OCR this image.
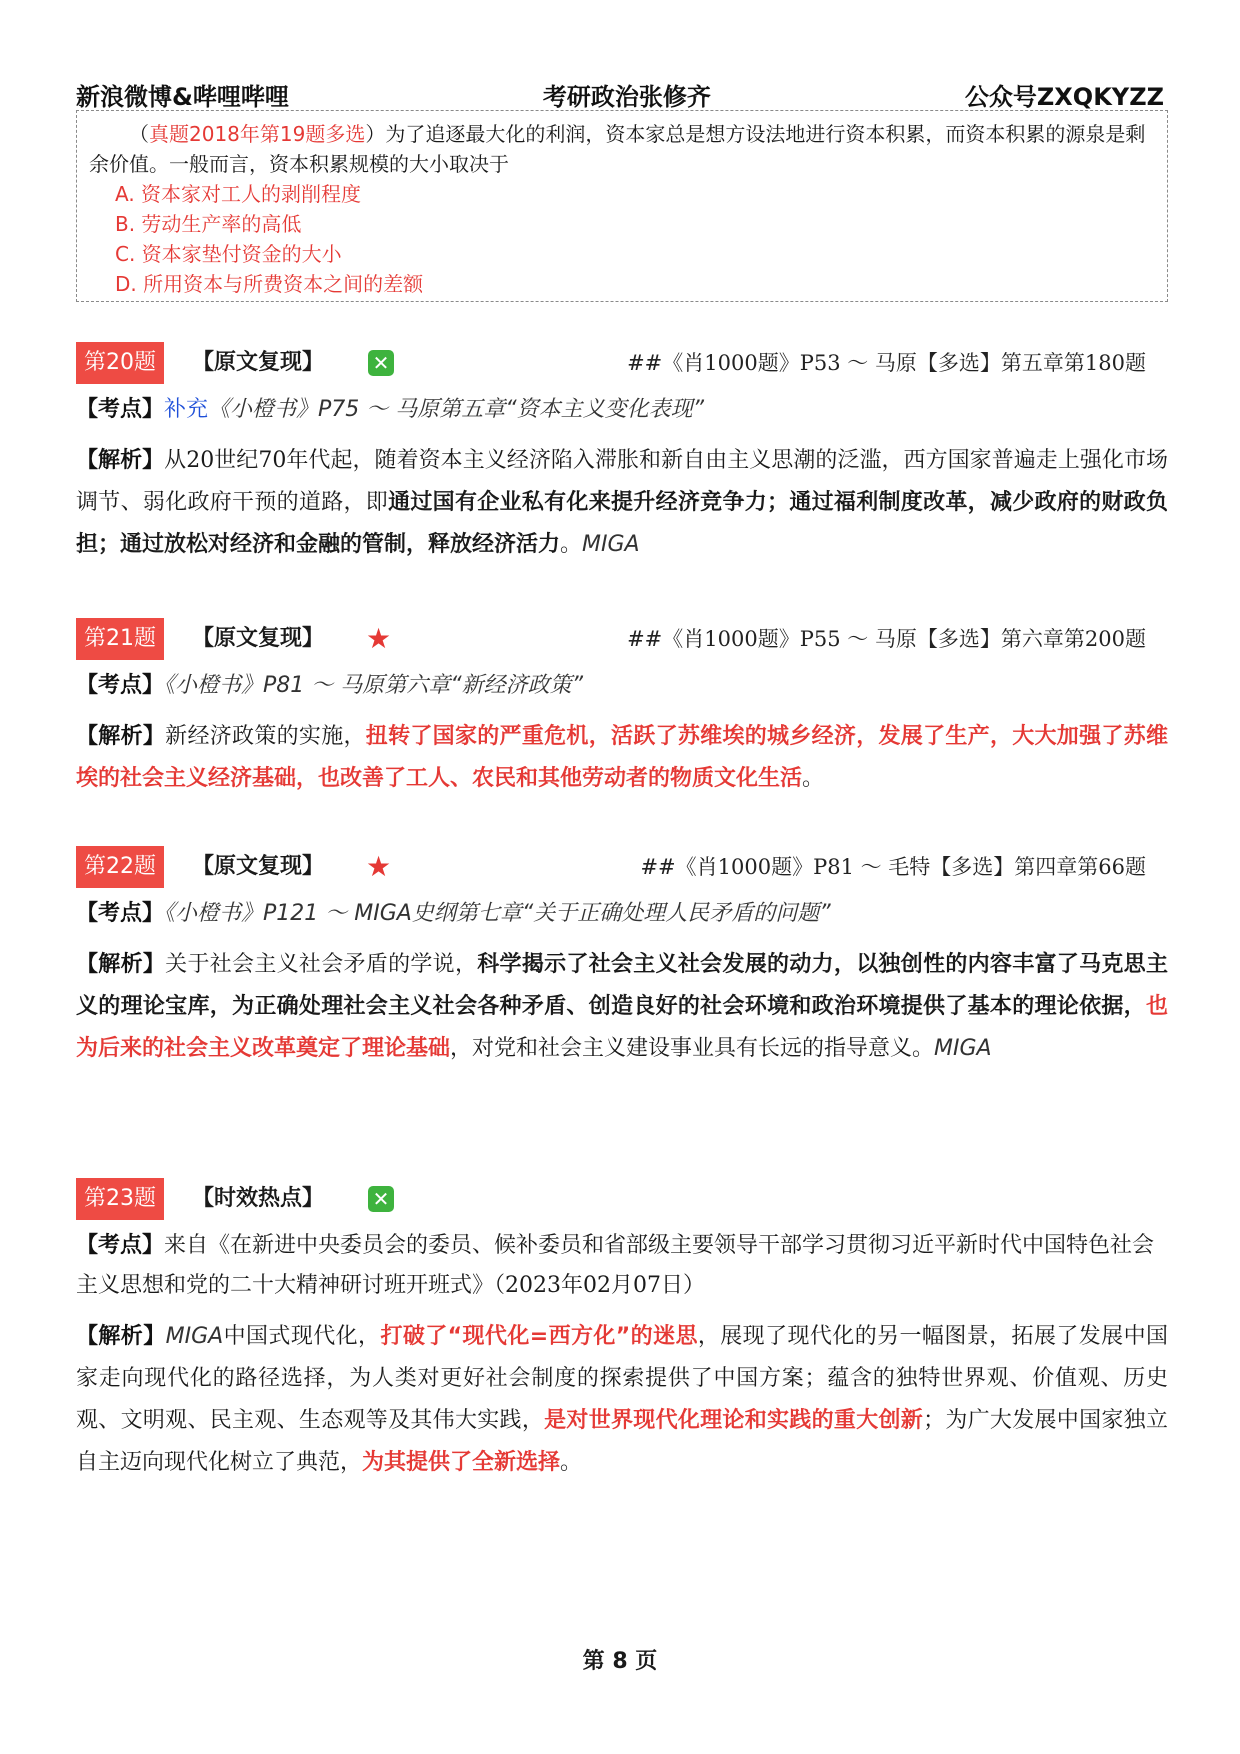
新浪微博&哔哩哔哩	考研政治张修齐	公众号ZXQKYZZ

（真题2018年第19题多选）为了追逐最大化的利润，资本家总是想方设法地进行资本积累，而资本积累的源泉是剩余价值。一般而言，资本积累规模的大小取决于

A. 资本家对工人的剥削程度
B. 劳动生产率的高低
C. 资本家垫付资金的大小
D. 所用资本与所费资本之间的差额
第20题	【原文复现】 ✕	##《肖1000题》P53 ～ 马原【多选】第五章第180题
【考点】补充《小橙书》P75 ～ 马原第五章“资本主义变化表现”
【解析】从20世纪70年代起，随着资本主义经济陷入滞胀和新自由主义思潮的泛滥，西方国家普遍走上强化市场调节、弱化政府干预的道路，即通过国有企业私有化来提升经济竞争力；通过福利制度改革，减少政府的财政负担；通过放松对经济和金融的管制，释放经济活力。MIGA
第21题	【原文复现】 ★	##《肖1000题》P55 ～ 马原【多选】第六章第200题
【考点】《小橙书》P81 ～ 马原第六章“新经济政策”
【解析】新经济政策的实施，扭转了国家的严重危机，活跃了苏维埃的城乡经济，发展了生产，大大加强了苏维埃的社会主义经济基础，也改善了工人、农民和其他劳动者的物质文化生活。
第22题	【原文复现】 ★	##《肖1000题》P81 ～ 毛特【多选】第四章第66题
【考点】《小橙书》P121 ～ MIGA史纲第七章“关于正确处理人民矛盾的问题”
【解析】关于社会主义社会矛盾的学说，科学揭示了社会主义社会发展的动力，以独创性的内容丰富了马克思主义的理论宝库，为正确处理社会主义社会各种矛盾、创造良好的社会环境和政治环境提供了基本的理论依据，也为后来的社会主义改革奠定了理论基础，对党和社会主义建设事业具有长远的指导意义。MIGA
第23题	【时效热点】 ✕
【考点】来自《在新进中央委员会的委员、候补委员和省部级主要领导干部学习贯彻习近平新时代中国特色社会主义思想和党的二十大精神研讨班开班式》（2023年02月07日）
【解析】MIGA中国式现代化，打破了“现代化=西方化”的迷思，展现了现代化的另一幅图景，拓展了发展中国家走向现代化的路径选择，为人类对更好社会制度的探索提供了中国方案；蕴含的独特世界观、价值观、历史观、文明观、民主观、生态观等及其伟大实践，是对世界现代化理论和实践的重大创新；为广大发展中国家独立自主迈向现代化树立了典范，为其提供了全新选择。
第 8 页
